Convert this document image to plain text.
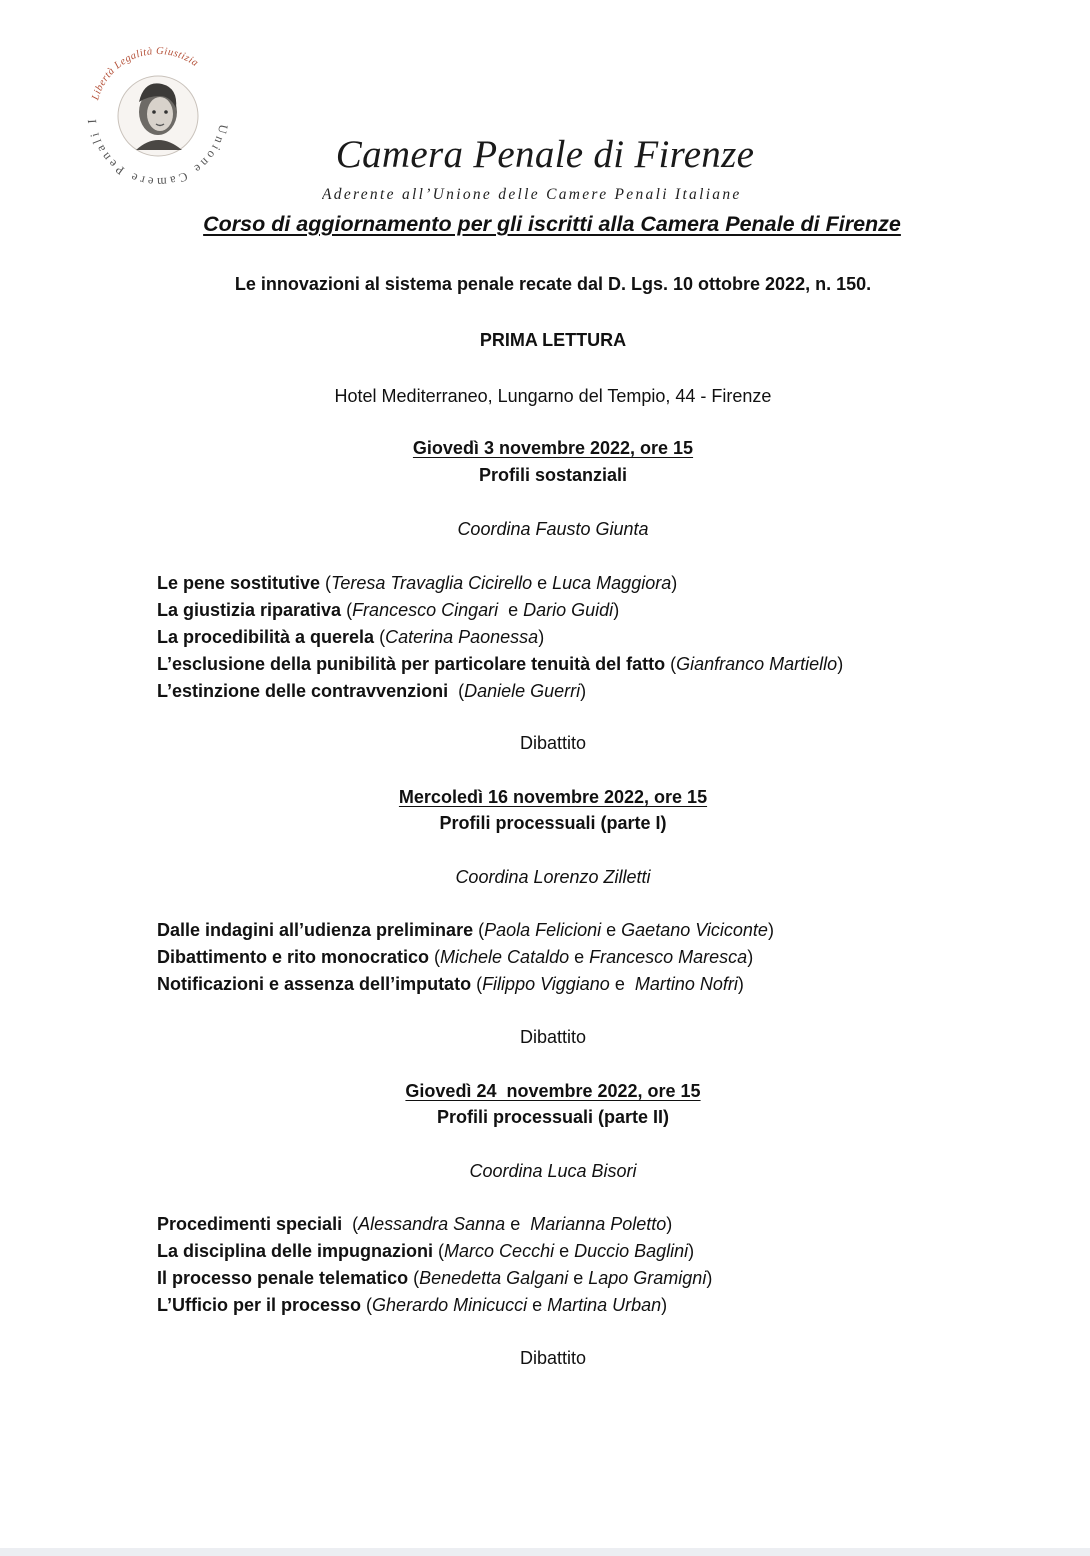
Unione Camere Penali I
Libertà Legalità Giustizia
Camera Penale di Firenze
Aderente all’Unione delle Camere Penali Italiane
Corso di aggiornamento per gli iscritti alla Camera Penale di Firenze
Le innovazioni al sistema penale recate dal D. Lgs. 10 ottobre 2022, n. 150.
PRIMA LETTURA
Hotel Mediterraneo, Lungarno del Tempio, 44 - Firenze
Giovedì 3 novembre 2022, ore 15
Profili sostanziali
Coordina Fausto Giunta
Le pene sostitutive (Teresa Travaglia Cicirello e Luca Maggiora)
La giustizia riparativa (Francesco Cingari  e Dario Guidi)
La procedibilità a querela (Caterina Paonessa)
L’esclusione della punibilità per particolare tenuità del fatto (Gianfranco Martiello)
L’estinzione delle contravvenzioni  (Daniele Guerri)
Dibattito
Mercoledì 16 novembre 2022, ore 15
Profili processuali (parte I)
Coordina Lorenzo Zilletti
Dalle indagini all’udienza preliminare (Paola Felicioni e Gaetano Viciconte)
Dibattimento e rito monocratico (Michele Cataldo e Francesco Maresca)
Notificazioni e assenza dell’imputato (Filippo Viggiano e  Martino Nofri)
Dibattito
Giovedì 24  novembre 2022, ore 15
Profili processuali (parte II)
Coordina Luca Bisori
Procedimenti speciali  (Alessandra Sanna e  Marianna Poletto)
La disciplina delle impugnazioni (Marco Cecchi e Duccio Baglini)
Il processo penale telematico (Benedetta Galgani e Lapo Gramigni)
L’Ufficio per il processo (Gherardo Minicucci e Martina Urban)
Dibattito
